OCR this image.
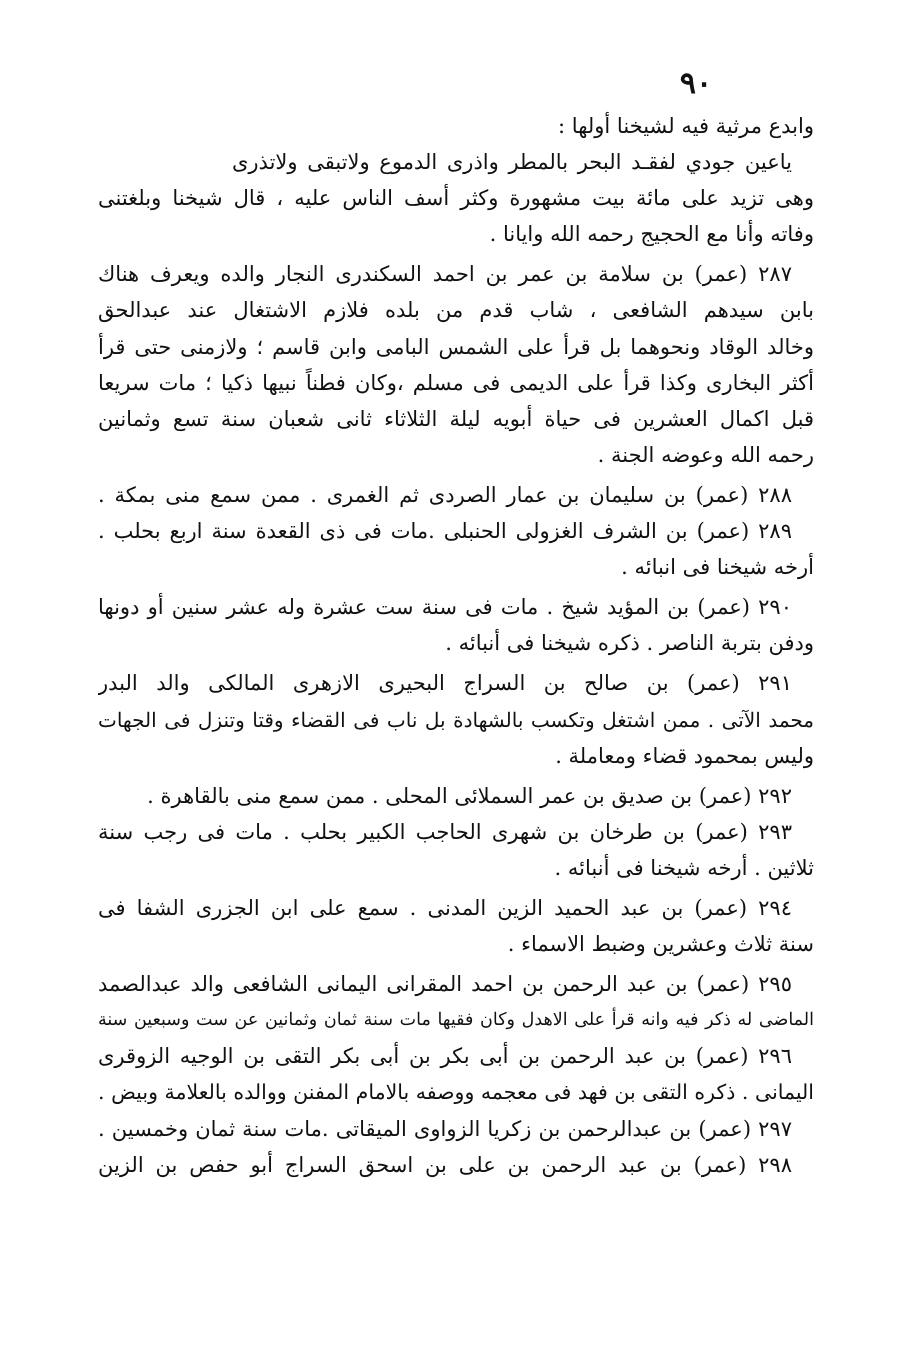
٩٠
وابدع مرثية فيه لشيخنا أولها :
ياعين جودي لفقـد البحر بالمطر واذرى الدموع ولاتبقى ولاتذرى
وهى تزيد على مائة بيت مشهورة وكثر أسف الناس عليه ، قال شيخنا وبلغتنى
وفاته وأنا مع الحجيج رحمه الله وايانا .
٢٨٧ (عمر) بن سلامة بن عمر بن احمد السكندرى النجار والده ويعرف هناك
بابن سيدهم الشافعى ، شاب قدم من بلده فلازم الاشتغال عند عبدالحق
وخالد الوقاد ونحوهما بل قرأ على الشمس البامى وابن قاسم ؛ ولازمنى حتى قرأ
أكثر البخارى وكذا قرأ على الديمى فى مسلم ،وكان فطناً نبيها ذكيا ؛ مات سريعا
قبل اكمال العشرين فى حياة أبويه ليلة الثلاثاء ثانى شعبان سنة تسع وثمانين
رحمه الله وعوضه الجنة .
٢٨٨ (عمر) بن سليمان بن عمار الصردى ثم الغمرى . ممن سمع منى بمكة .
٢٨٩ (عمر) بن الشرف الغزولى الحنبلى .مات فى ذى القعدة سنة اربع بحلب .
أرخه شيخنا فى انبائه .
٢٩٠ (عمر) بن المؤيد شيخ . مات فى سنة ست عشرة وله عشر سنين أو دونها
ودفن بتربة الناصر . ذكره شيخنا فى أنبائه .
٢٩١ (عمر) بن صالح بن السراج البحيرى الازهرى المالكى والد البدر
محمد الآتى . ممن اشتغل وتكسب بالشهادة بل ناب فى القضاء وقتا وتنزل فى الجهات
وليس بمحمود قضاء ومعاملة .
٢٩٢ (عمر) بن صديق بن عمر السملائى المحلى . ممن سمع منى بالقاهرة .
٢٩٣ (عمر) بن طرخان بن شهرى الحاجب الكبير بحلب . مات فى رجب سنة
ثلاثين . أرخه شيخنا فى أنبائه .
٢٩٤ (عمر) بن عبد الحميد الزين المدنى . سمع على ابن الجزرى الشفا فى
سنة ثلاث وعشرين وضبط الاسماء .
٢٩٥ (عمر) بن عبد الرحمن بن احمد المقرانى اليمانى الشافعى والد عبدالصمد
الماضى له ذكر فيه وانه قرأ على الاهدل وكان فقيها مات سنة ثمان وثمانين عن ست وسبعين سنة
٢٩٦ (عمر) بن عبد الرحمن بن أبى بكر بن أبى بكر التقى بن الوجيه الزوقرى
اليمانى . ذكره التقى بن فهد فى معجمه ووصفه بالامام المفنن ووالده بالعلامة وبيض .
٢٩٧ (عمر) بن عبدالرحمن بن زكريا الزواوى الميقاتى .مات سنة ثمان وخمسين .
٢٩٨ (عمر) بن عبد الرحمن بن على بن اسحق السراج أبو حفص بن الزين
